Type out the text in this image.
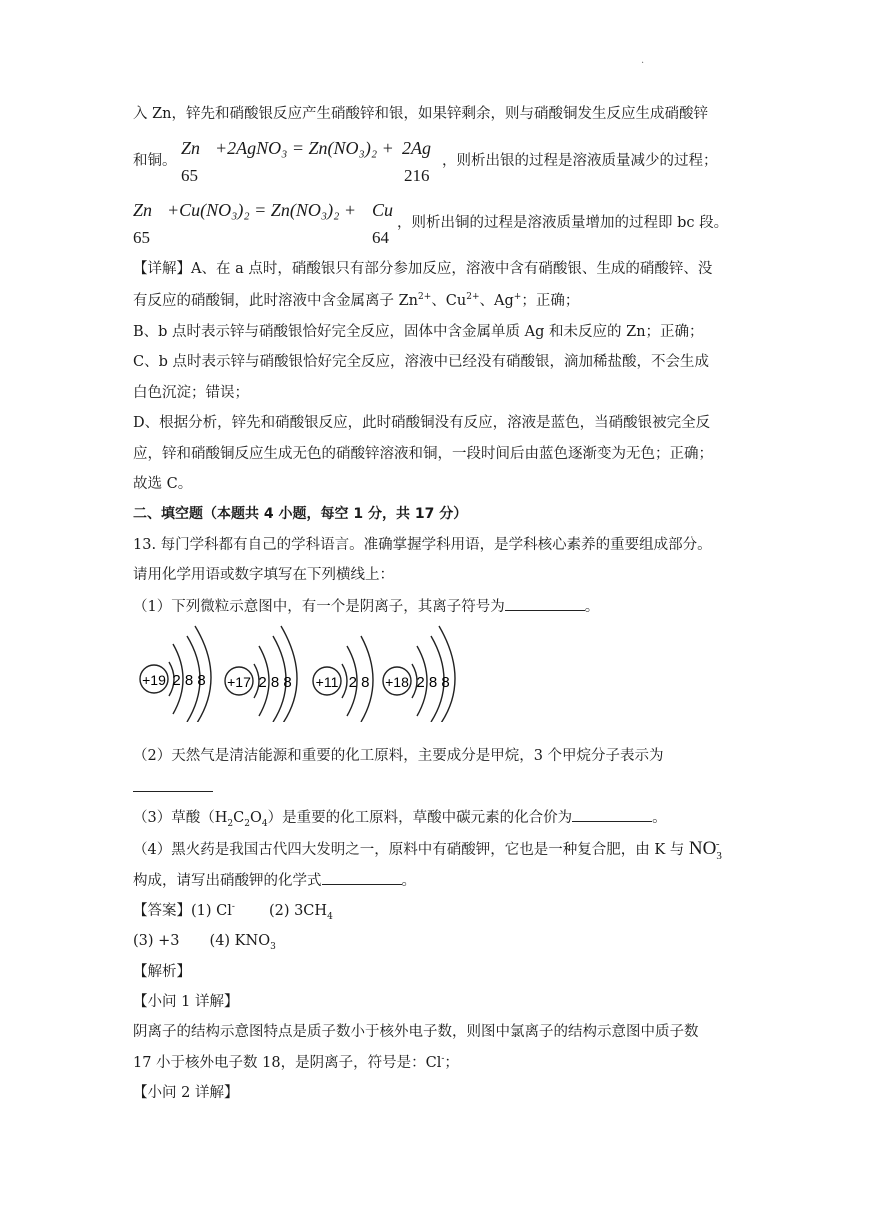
·
入 Zn，锌先和硝酸银反应产生硝酸锌和银，如果锌剩余，则与硝酸铜发生反应生成硝酸锌
和铜。
Zn +2AgNO₃ = Zn(NO₃)₂ + 2Ag
65	216
，则析出银的过程是溶液质量减少的过程；
Zn +Cu(NO₃)₂ = Zn(NO₃)₂ + Cu
65	64
，则析出铜的过程是溶液质量增加的过程即 bc 段。
【详解】A、在 a 点时，硝酸银只有部分参加反应，溶液中含有硝酸银、生成的硝酸锌、没
有反应的硝酸铜，此时溶液中含金属离子 $Zn^{2+}$、$Cu^{2+}$、Ag+；正确；
B、b 点时表示锌与硝酸银恰好完全反应，固体中含金属单质 Ag 和未反应的 Zn；正确；
C、b 点时表示锌与硝酸银恰好完全反应，溶液中已经没有硝酸银，滴加稀盐酸，不会生成
白色沉淀；错误；
D、根据分析，锌先和硝酸银反应，此时硝酸铜没有反应，溶液是蓝色，当硝酸银被完全反
应，锌和硝酸铜反应生成无色的硝酸锌溶液和铜，一段时间后由蓝色逐渐变为无色；正确；
故选 C。
二、填空题（本题共 4 小题，每空 1 分，共 17 分）
13. 每门学科都有自己的学科语言。准确掌握学科用语，是学科核心素养的重要组成部分。
请用化学用语或数字填写在下列横线上：
（1）下列微粒示意图中，有一个是阴离子，其离子符号为	。
+19 2 8 8 +17 2 8 8 +11 2 8 +18 2 8 8
（2）天然气是清洁能源和重要的化工原料，主要成分是甲烷，3 个甲烷分子表示为
（3）草酸$(H_2C_2O_4)$是重要的化工原料，草酸中碳元素的化合价为	。
（4）黑火药是我国古代四大发明之一，原料中有硝酸钾，它也是一种复合肥，由 K 与 $NO_3^-$
构成，请写出硝酸钾的化学式	。
【答案】(1) Cl- (2) $3CH_4$
(3) +3 (4) $KNO_3$
【解析】
【小问 1 详解】
阴离子的结构示意图特点是质子数小于核外电子数，则图中氯离子的结构示意图中质子数
17 小于核外电子数 18，是阴离子，符号是：Cl-；
【小问 2 详解】
